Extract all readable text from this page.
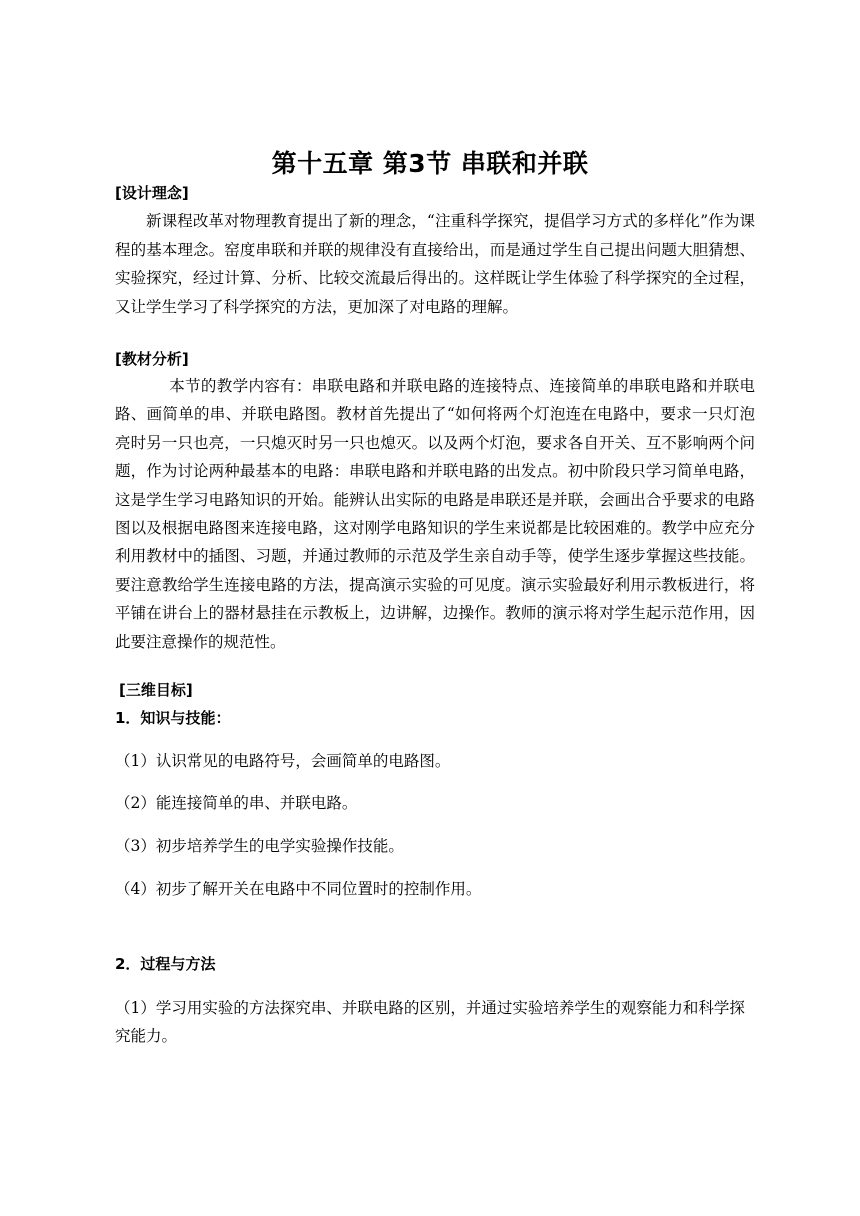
第十五章 第3节 串联和并联
[设计理念]
新课程改革对物理教育提出了新的理念，“注重科学探究，提倡学习方式的多样化”作为课程的基本理念。窑度串联和并联的规律没有直接给出，而是通过学生自己提出问题大胆猜想、实验探究，经过计算、分析、比较交流最后得出的。这样既让学生体验了科学探究的全过程，又让学生学习了科学探究的方法，更加深了对电路的理解。
[教材分析]
本节的教学内容有：串联电路和并联电路的连接特点、连接简单的串联电路和并联电路、画简单的串、并联电路图。教材首先提出了“如何将两个灯泡连在电路中，要求一只灯泡亮时另一只也亮，一只熄灭时另一只也熄灭。以及两个灯泡，要求各自开关、互不影响两个问题，作为讨论两种最基本的电路：串联电路和并联电路的出发点。初中阶段只学习简单电路，这是学生学习电路知识的开始。能辨认出实际的电路是串联还是并联，会画出合乎要求的电路图以及根据电路图来连接电路，这对刚学电路知识的学生来说都是比较困难的。教学中应充分利用教材中的插图、习题，并通过教师的示范及学生亲自动手等，使学生逐步掌握这些技能。要注意教给学生连接电路的方法，提高演示实验的可见度。演示实验最好利用示教板进行，将平铺在讲台上的器材悬挂在示教板上，边讲解，边操作。教师的演示将对学生起示范作用，因此要注意操作的规范性。
[三维目标]
1．知识与技能：
（1）认识常见的电路符号，会画简单的电路图。
（2）能连接简单的串、并联电路。
（3）初步培养学生的电学实验操作技能。
（4）初步了解开关在电路中不同位置时的控制作用。
2．过程与方法
（1）学习用实验的方法探究串、并联电路的区别，并通过实验培养学生的观察能力和科学探究能力。
